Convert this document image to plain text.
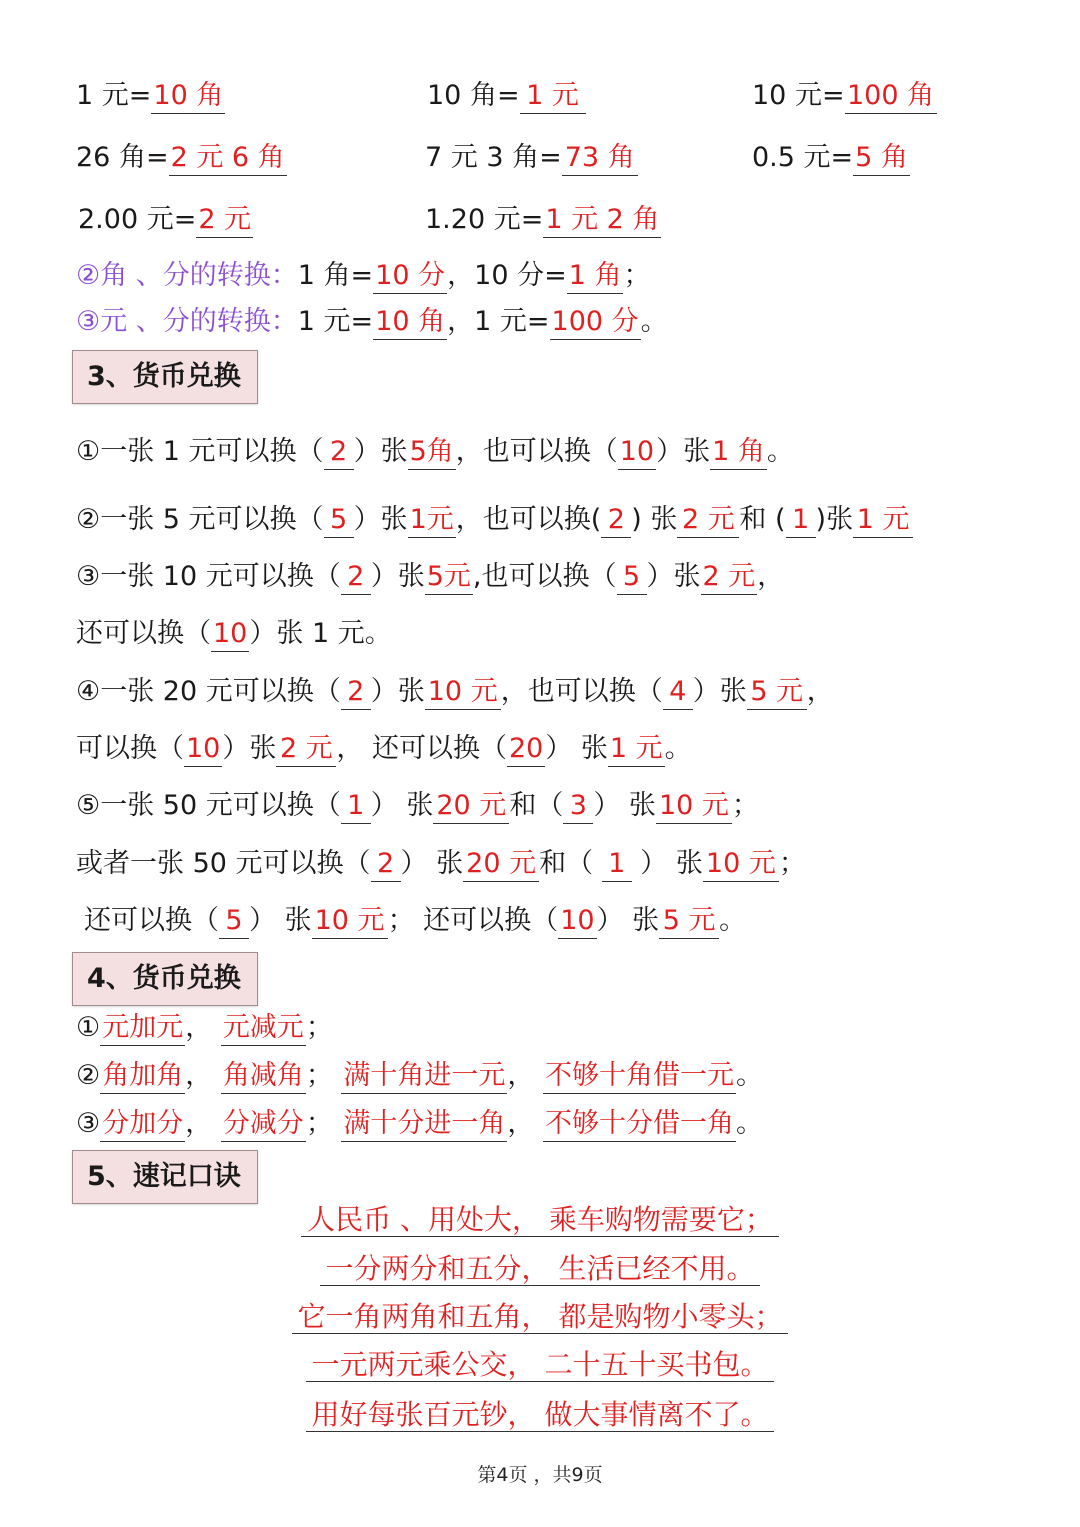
1 元=10 角	10 角= 1 元	10 元=100 角
26 角=2 元 6 角	7 元 3 角= 73 角	0.5 元=5 角
2.00 元=2 元	1.20 元=1 元 2 角
②角 、分的转换：1 角=10 分，10 分=1 角；
③元 、分的转换：1 元=10 角，1 元=100 分。
3、货币兑换
①一张 1 元可以换（ 2 ）张5角，也可以换（10）张1 角。
②一张 5 元可以换（ 5 ）张1元，也可以换( 2 ) 张 2 元 和 ( 1 )张 1 元
③一张 10 元可以换（ 2 ）张5元,也可以换（ 5 ）张2 元，
还可以换（10）张 1 元。
④一张 20 元可以换（ 2 ）张 10 元 ，也可以换（ 4 ）张 5 元 ，
可以换（10）张 2 元 ， 还可以换（20） 张1 元。
⑤一张 50 元可以换（ 1 ） 张 20 元 和（ 3 ） 张 10 元 ；
或者一张 50 元可以换（ 2 ） 张 20 元 和（ 1 ） 张 10 元 ；
还可以换（ 5 ） 张 10 元 ； 还可以换（10） 张 5 元 。
4、货币兑换
①元加元， 元减元；
②角加角， 角减角； 满十角进一元， 不够十角借一元。
③分加分， 分减分； 满十分进一角， 不够十分借一角。
5、速记口诀
人民币 、用处大， 乘车购物需要它；
一分两分和五分， 生活已经不用。
它一角两角和五角， 都是购物小零头；
一元两元乘公交， 二十五十买书包。
用好每张百元钞， 做大事情离不了。
第4页 ，共9页
